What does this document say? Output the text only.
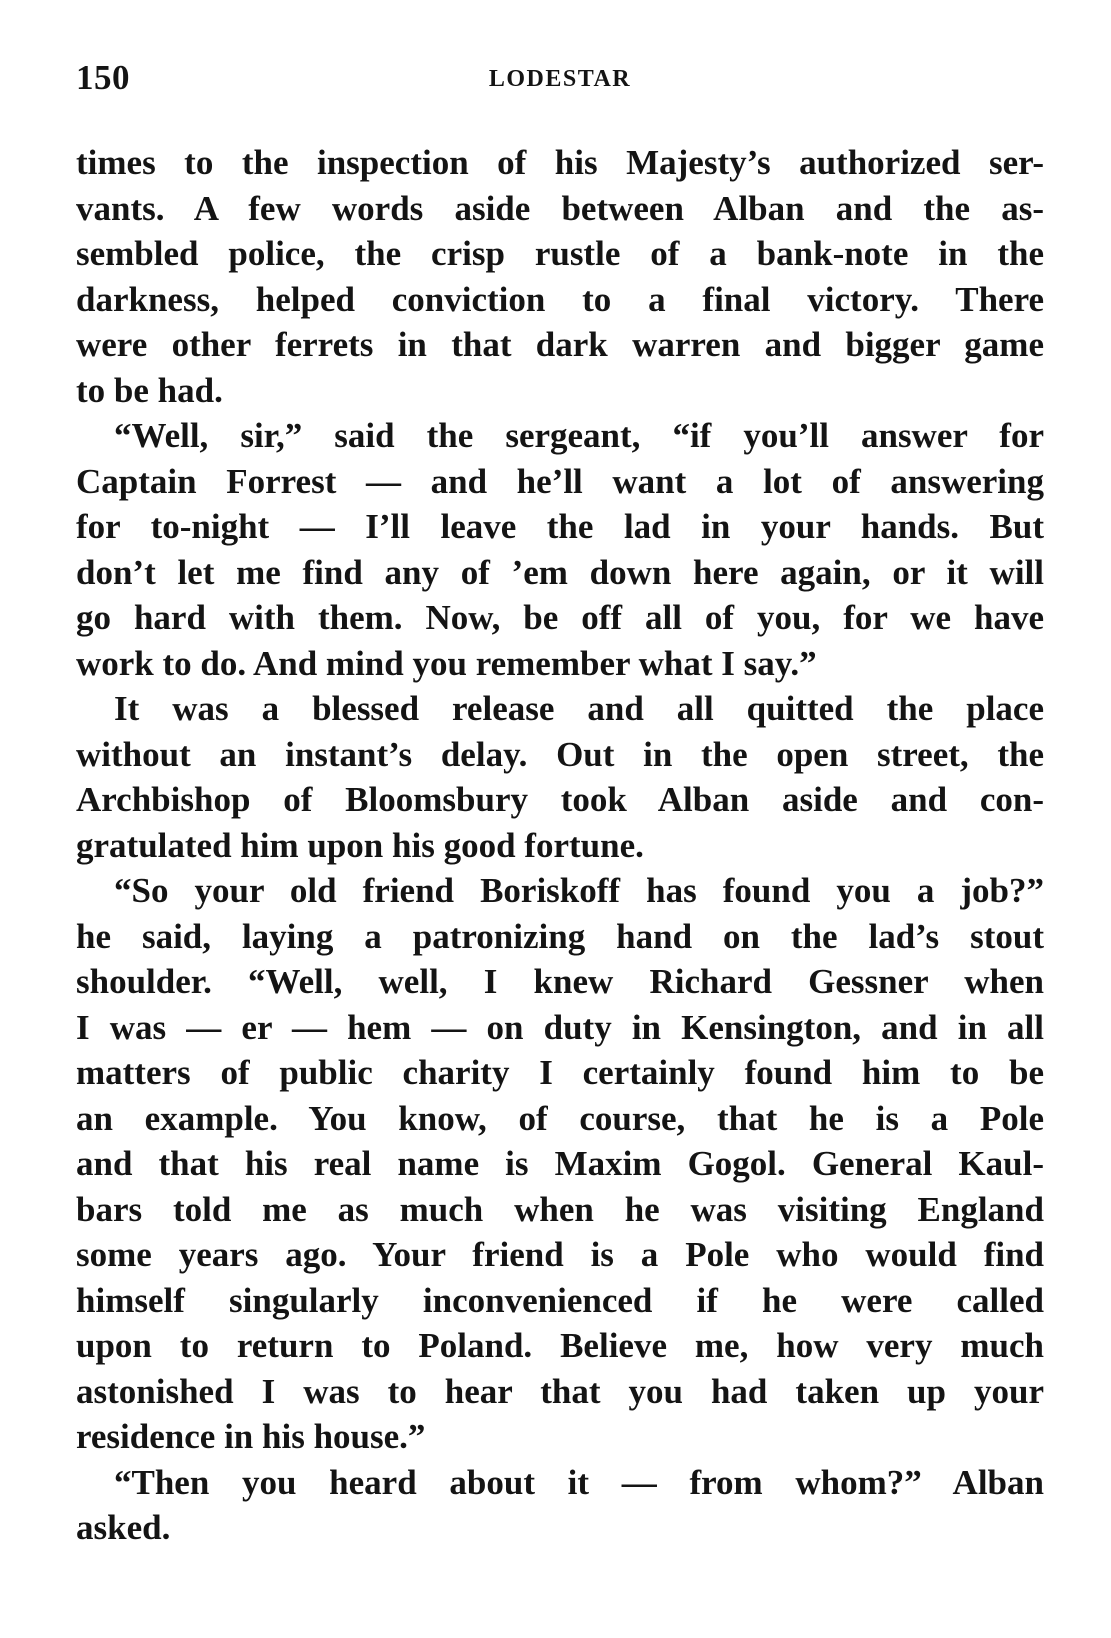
150	LODESTAR
times to the inspection of his Majesty’s authorized ser-
vants. A few words aside between Alban and the as-
sembled police, the crisp rustle of a bank-note in the
darkness, helped conviction to a final victory. There
were other ferrets in that dark warren and bigger game
to be had.
“Well, sir,” said the sergeant, “if you’ll answer for
Captain Forrest — and he’ll want a lot of answering
for to-night — I’ll leave the lad in your hands. But
don’t let me find any of ’em down here again, or it will
go hard with them. Now, be off all of you, for we have
work to do. And mind you remember what I say.”
It was a blessed release and all quitted the place
without an instant’s delay. Out in the open street, the
Archbishop of Bloomsbury took Alban aside and con-
gratulated him upon his good fortune.
“So your old friend Boriskoff has found you a job?”
he said, laying a patronizing hand on the lad’s stout
shoulder. “Well, well, I knew Richard Gessner when
I was — er — hem — on duty in Kensington, and in all
matters of public charity I certainly found him to be
an example. You know, of course, that he is a Pole
and that his real name is Maxim Gogol. General Kaul-
bars told me as much when he was visiting England
some years ago. Your friend is a Pole who would find
himself singularly inconvenienced if he were called
upon to return to Poland. Believe me, how very much
astonished I was to hear that you had taken up your
residence in his house.”
“Then you heard about it — from whom?” Alban
asked.
